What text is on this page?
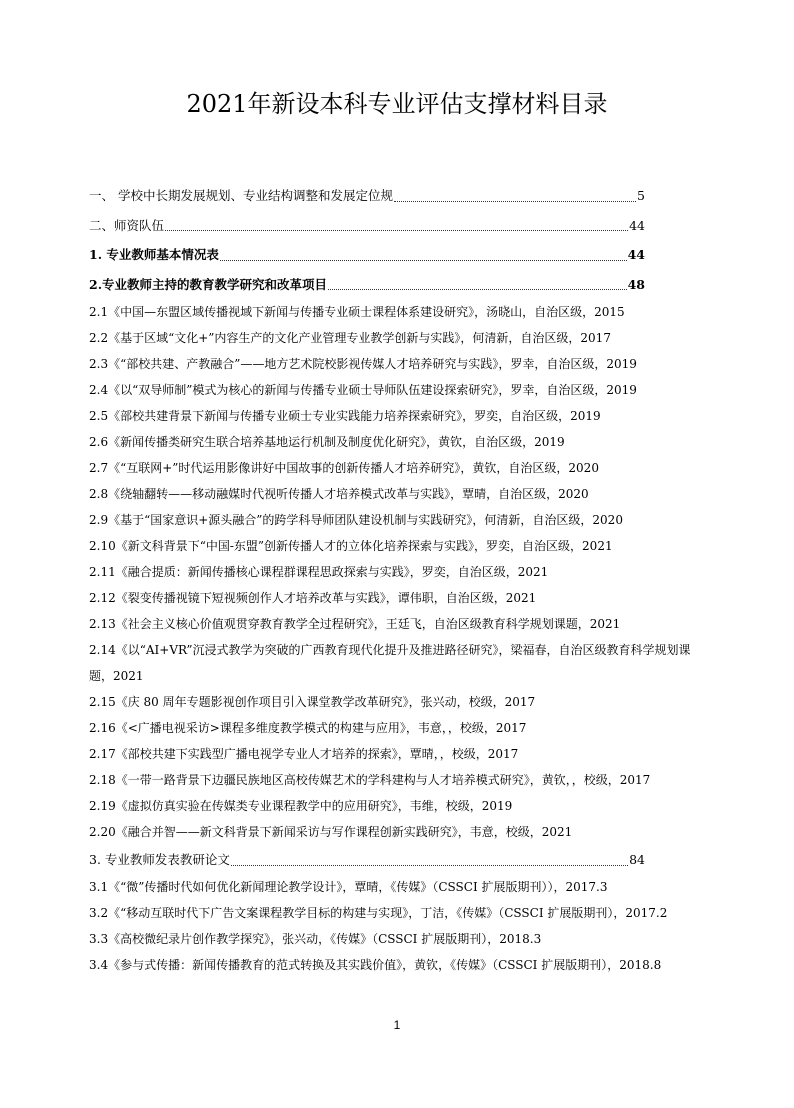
2021年新设本科专业评估支撑材料目录
一、 学校中长期发展规划、专业结构调整和发展定位规	5
二、师资队伍	44
1. 专业教师基本情况表	44
2.专业教师主持的教育教学研究和改革项目	48
2.1《中国—东盟区域传播视域下新闻与传播专业硕士课程体系建设研究》，汤晓山，自治区级，2015
2.2《基于区域“文化+”内容生产的文化产业管理专业教学创新与实践》，何清新，自治区级，2017
2.3《“部校共建、产教融合”——地方艺术院校影视传媒人才培养研究与实践》，罗幸，自治区级，2019
2.4《以“双导师制”模式为核心的新闻与传播专业硕士导师队伍建设探索研究》，罗幸，自治区级，2019
2.5《部校共建背景下新闻与传播专业硕士专业实践能力培养探索研究》，罗奕，自治区级，2019
2.6《新闻传播类研究生联合培养基地运行机制及制度优化研究》，黄钦，自治区级，2019
2.7《“互联网+”时代运用影像讲好中国故事的创新传播人才培养研究》，黄钦，自治区级，2020
2.8《绕轴翻转——移动融媒时代视听传播人才培养模式改革与实践》，覃晴，自治区级，2020
2.9《基于“国家意识+源头融合”的跨学科导师团队建设机制与实践研究》，何清新，自治区级，2020
2.10《新文科背景下“中国-东盟”创新传播人才的立体化培养探索与实践》，罗奕，自治区级，2021
2.11《融合提质：新闻传播核心课程群课程思政探索与实践》，罗奕，自治区级，2021
2.12《裂变传播视镜下短视频创作人才培养改革与实践》，谭伟职，自治区级，2021
2.13《社会主义核心价值观贯穿教育教学全过程研究》，王廷飞，自治区级教育科学规划课题，2021
2.14《以“AI+VR”沉浸式教学为突破的广西教育现代化提升及推进路径研究》，梁福春，自治区级教育科学规划课题，2021
2.15《庆 80 周年专题影视创作项目引入课堂教学改革研究》，张兴动，校级，2017
2.16《<广播电视采访>课程多维度教学模式的构建与应用》，韦意，，校级，2017
2.17《部校共建下实践型广播电视学专业人才培养的探索》，覃晴，，校级，2017
2.18《一带一路背景下边疆民族地区高校传媒艺术的学科建构与人才培养模式研究》，黄钦，，校级，2017
2.19《虚拟仿真实验在传媒类专业课程教学中的应用研究》，韦维，校级，2019
2.20《融合并智——新文科背景下新闻采访与写作课程创新实践研究》，韦意，校级，2021
3. 专业教师发表教研论文	84
3.1《“微”传播时代如何优化新闻理论教学设计》，覃晴，《传媒》（CSSCI 扩展版期刊）），2017.3
3.2《“移动互联时代下广告文案课程教学目标的构建与实现》，丁洁，《传媒》（CSSCI 扩展版期刊），2017.2
3.3《高校微纪录片创作教学探究》，张兴动，《传媒》（CSSCI 扩展版期刊），2018.3
3.4《参与式传播：新闻传播教育的范式转换及其实践价值》，黄钦，《传媒》（CSSCI 扩展版期刊），2018.8
1
